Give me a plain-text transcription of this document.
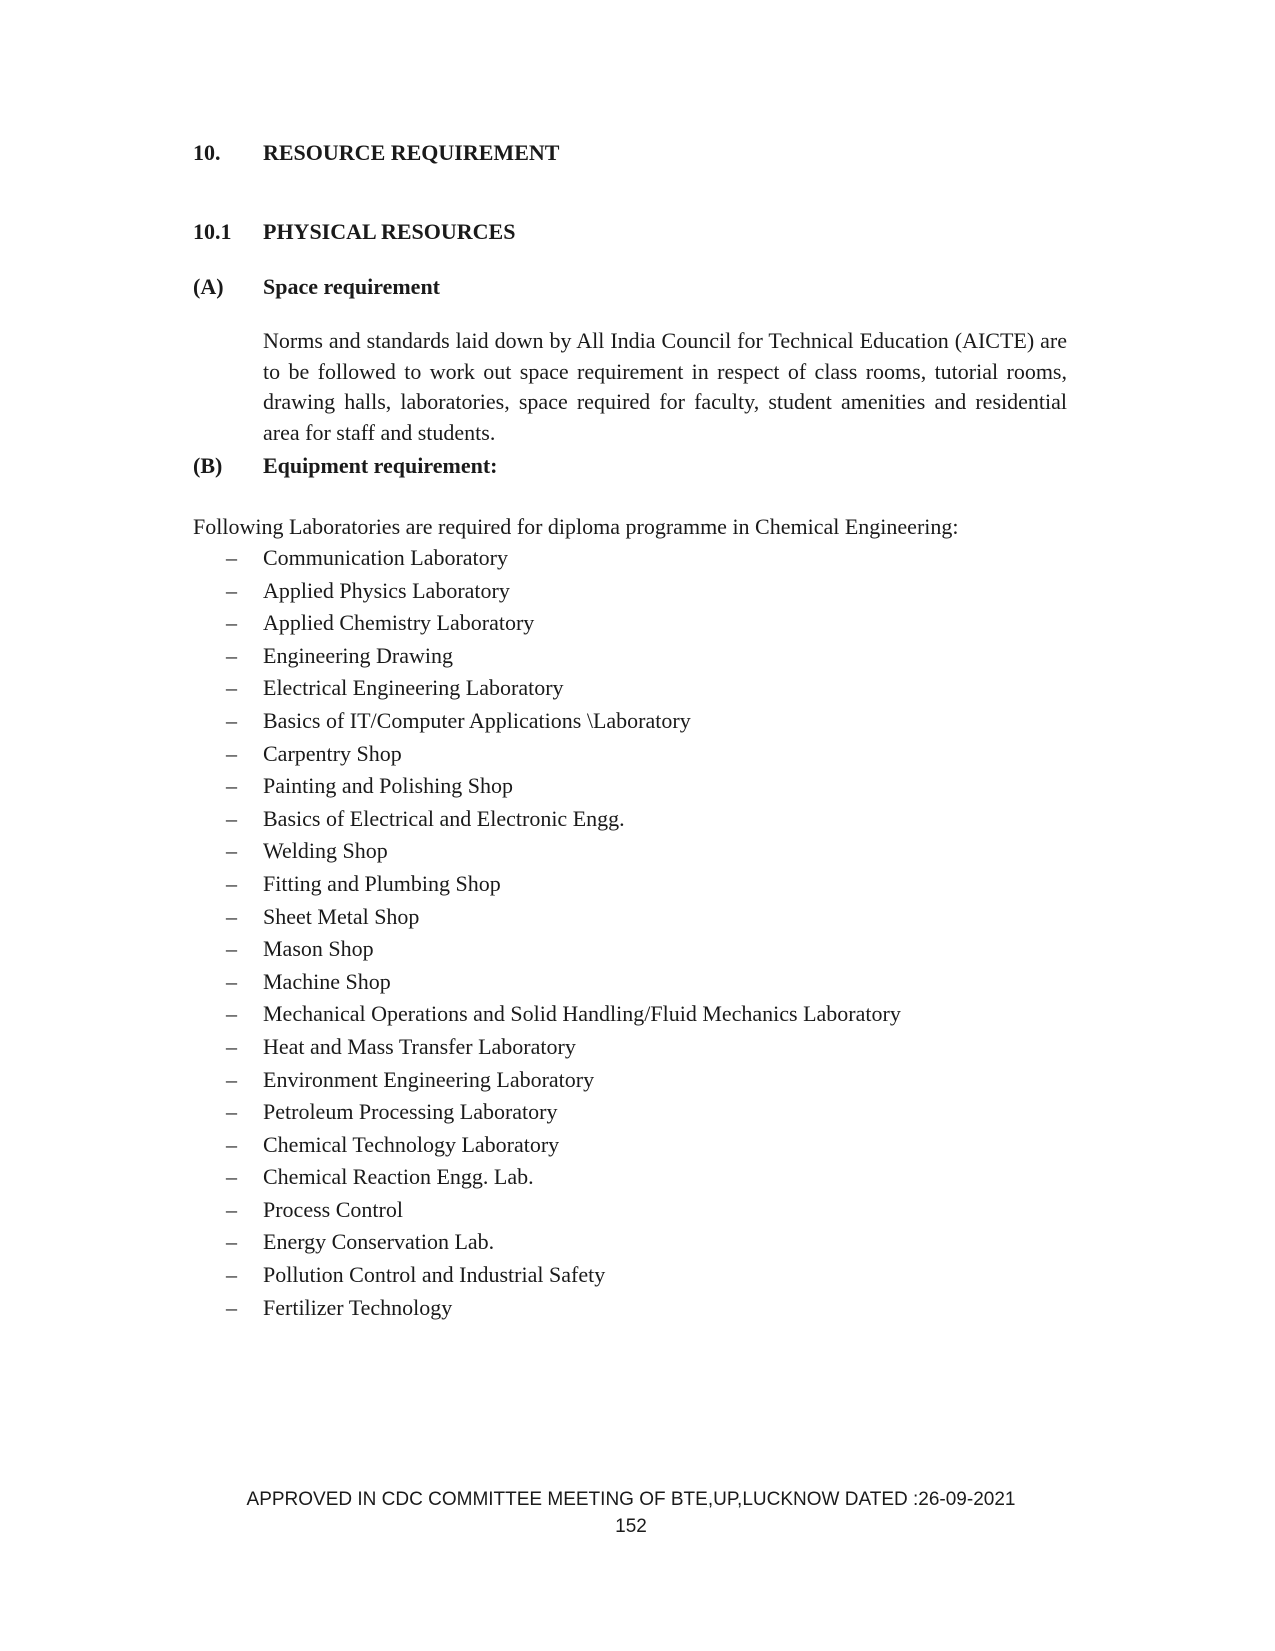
10. RESOURCE REQUIREMENT
10.1 PHYSICAL RESOURCES
(A) Space requirement

Norms and standards laid down by All India Council for Technical Education (AICTE) are to be followed to work out space requirement in respect of class rooms, tutorial rooms, drawing halls, laboratories, space required for faculty, student amenities and residential area for staff and students.

(B) Equipment requirement:
Following Laboratories are required for diploma programme in Chemical Engineering:
– Communication Laboratory
– Applied Physics Laboratory
– Applied Chemistry Laboratory
– Engineering Drawing
– Electrical Engineering Laboratory
– Basics of IT/Computer Applications \Laboratory
– Carpentry Shop
– Painting and Polishing Shop
– Basics of Electrical and Electronic Engg.
– Welding Shop
– Fitting and Plumbing Shop
– Sheet Metal Shop
– Mason Shop
– Machine Shop
– Mechanical Operations and Solid Handling/Fluid Mechanics Laboratory
– Heat and Mass Transfer Laboratory
– Environment Engineering Laboratory
– Petroleum Processing Laboratory
– Chemical Technology Laboratory
– Chemical Reaction Engg. Lab.
– Process Control
– Energy Conservation Lab.
– Pollution Control and Industrial Safety
– Fertilizer Technology
APPROVED IN CDC COMMITTEE MEETING OF BTE,UP,LUCKNOW DATED :26-09-2021
152
